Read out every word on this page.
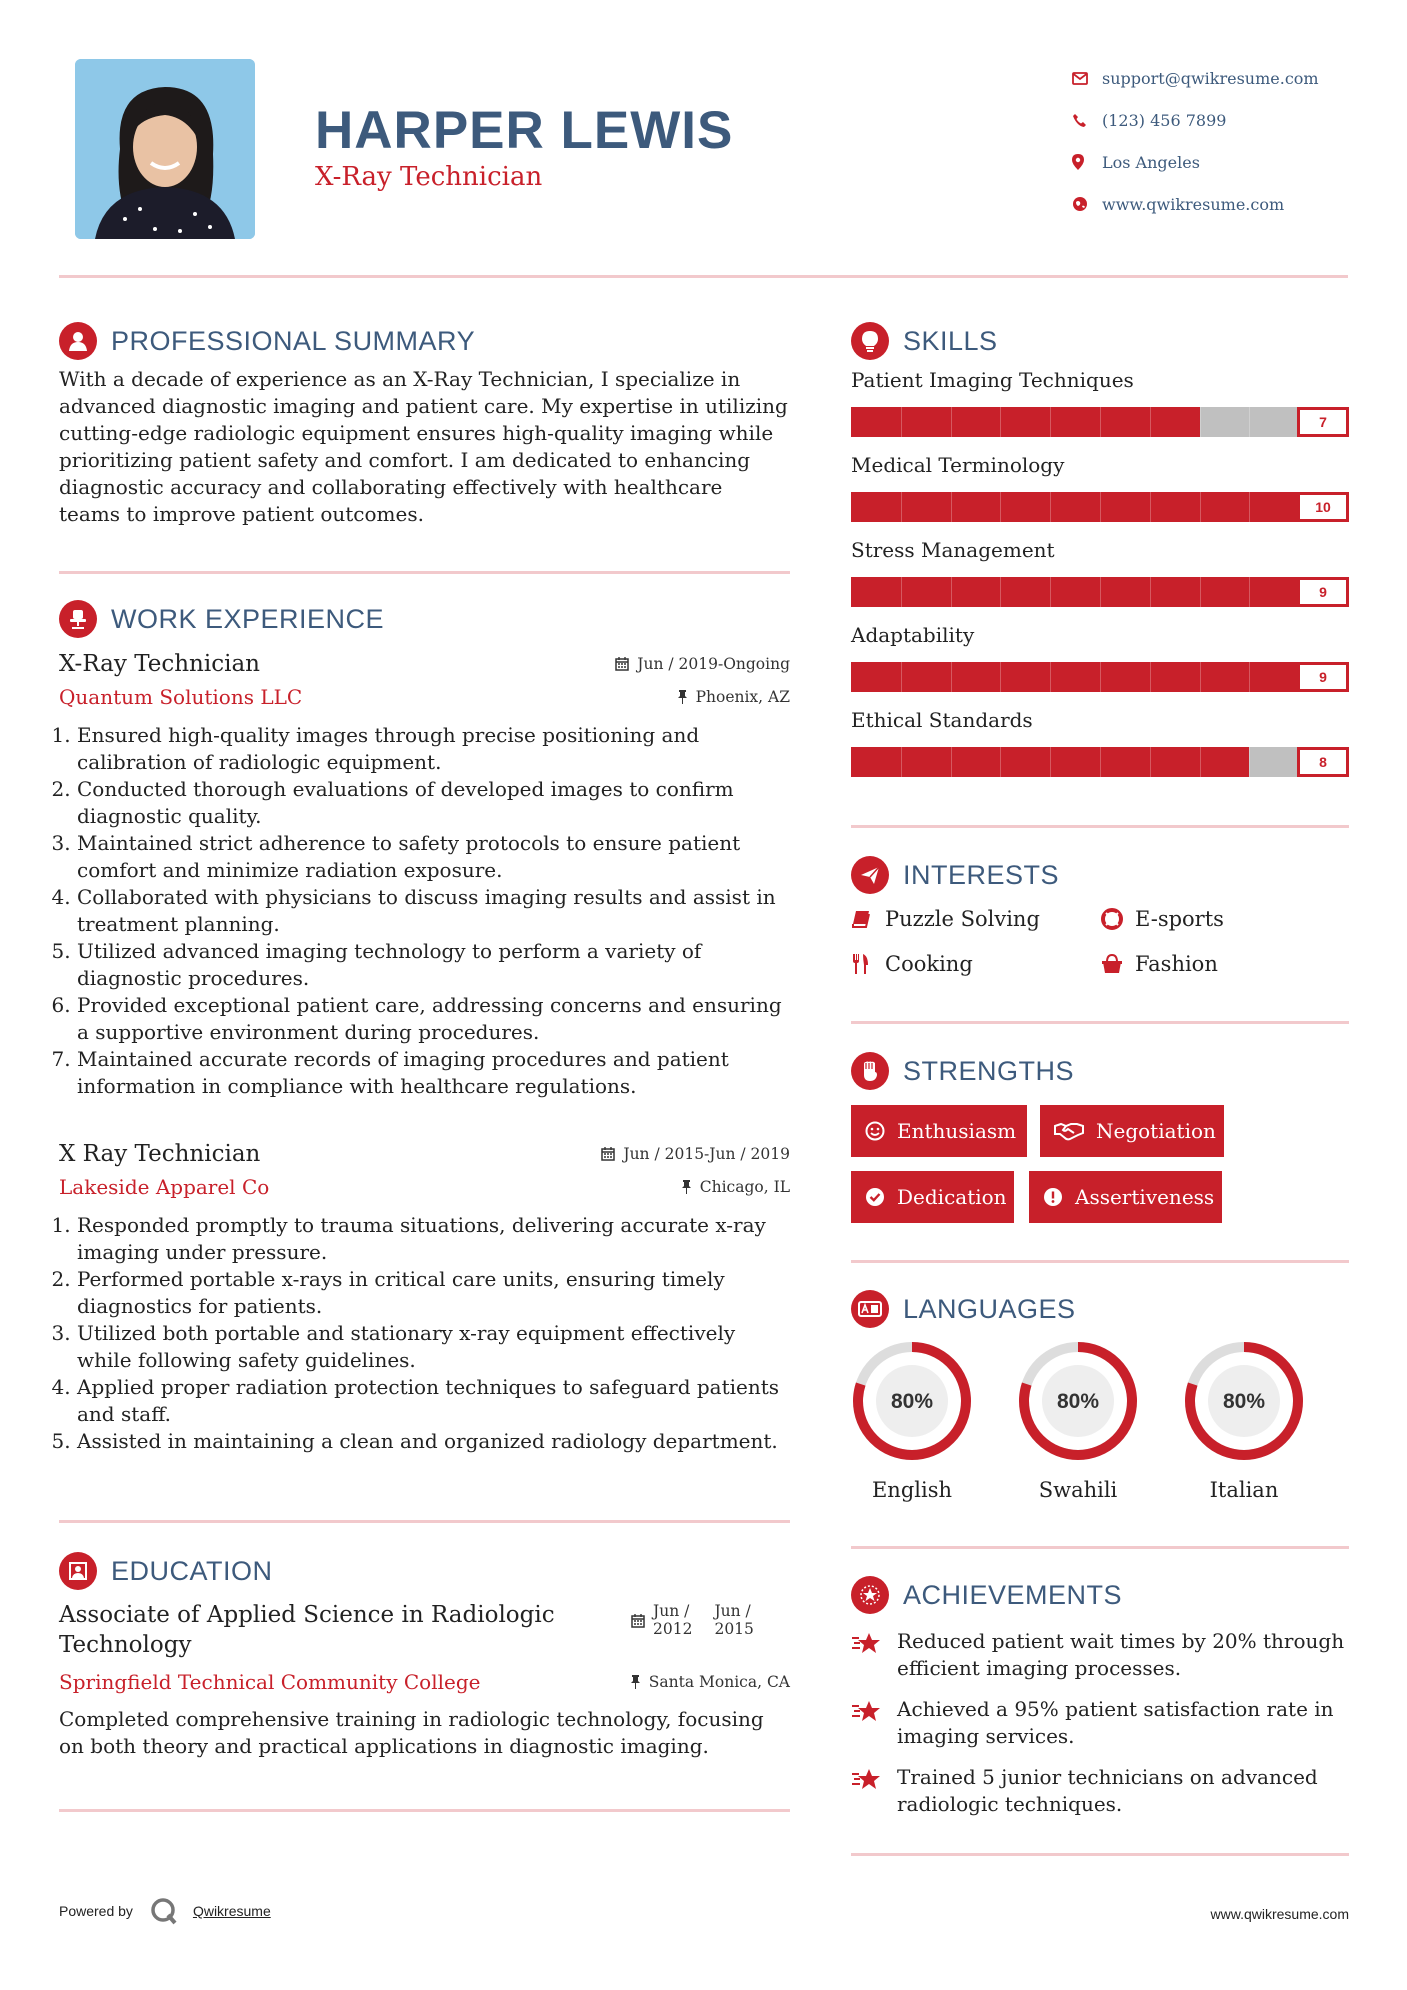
HARPER LEWIS
X-Ray Technician
support@qwikresume.com
(123) 456 7899
Los Angeles
www.qwikresume.com
PROFESSIONAL SUMMARY
With a decade of experience as an X-Ray Technician, I specialize in advanced diagnostic imaging and patient care. My expertise in utilizing cutting-edge radiologic equipment ensures high-quality imaging while prioritizing patient safety and comfort. I am dedicated to enhancing diagnostic accuracy and collaborating effectively with healthcare teams to improve patient outcomes.
WORK EXPERIENCE
X-Ray Technician	Jun / 2019-Ongoing
Quantum Solutions LLC	Phoenix, AZ
1. Ensured high-quality images through precise positioning and calibration of radiologic equipment.
2. Conducted thorough evaluations of developed images to confirm diagnostic quality.
3. Maintained strict adherence to safety protocols to ensure patient comfort and minimize radiation exposure.
4. Collaborated with physicians to discuss imaging results and assist in treatment planning.
5. Utilized advanced imaging technology to perform a variety of diagnostic procedures.
6. Provided exceptional patient care, addressing concerns and ensuring a supportive environment during procedures.
7. Maintained accurate records of imaging procedures and patient information in compliance with healthcare regulations.
X Ray Technician	Jun / 2015-Jun / 2019
Lakeside Apparel Co	Chicago, IL
1. Responded promptly to trauma situations, delivering accurate x-ray imaging under pressure.
2. Performed portable x-rays in critical care units, ensuring timely diagnostics for patients.
3. Utilized both portable and stationary x-ray equipment effectively while following safety guidelines.
4. Applied proper radiation protection techniques to safeguard patients and staff.
5. Assisted in maintaining a clean and organized radiology department.
EDUCATION
Associate of Applied Science in Radiologic
Technology
Jun /
2012
Jun /
2015
Springfield Technical Community College	Santa Monica, CA
Completed comprehensive training in radiologic technology, focusing on both theory and practical applications in diagnostic imaging.
SKILLS
Patient Imaging Techniques
7
Medical Terminology
10
Stress Management
9
Adaptability
9
Ethical Standards
8
INTERESTS
Puzzle Solving	E-sports
Cooking	Fashion
STRENGTHS
Enthusiasm	Negotiation
Dedication	Assertiveness
LANGUAGES
80%
English
80%
Swahili
80%
Italian
ACHIEVEMENTS
Reduced patient wait times by 20% through
efficient imaging processes.
Achieved a 95% patient satisfaction rate in
imaging services.
Trained 5 junior technicians on advanced
radiologic techniques.
Powered by	Qwikresume	www.qwikresume.com
